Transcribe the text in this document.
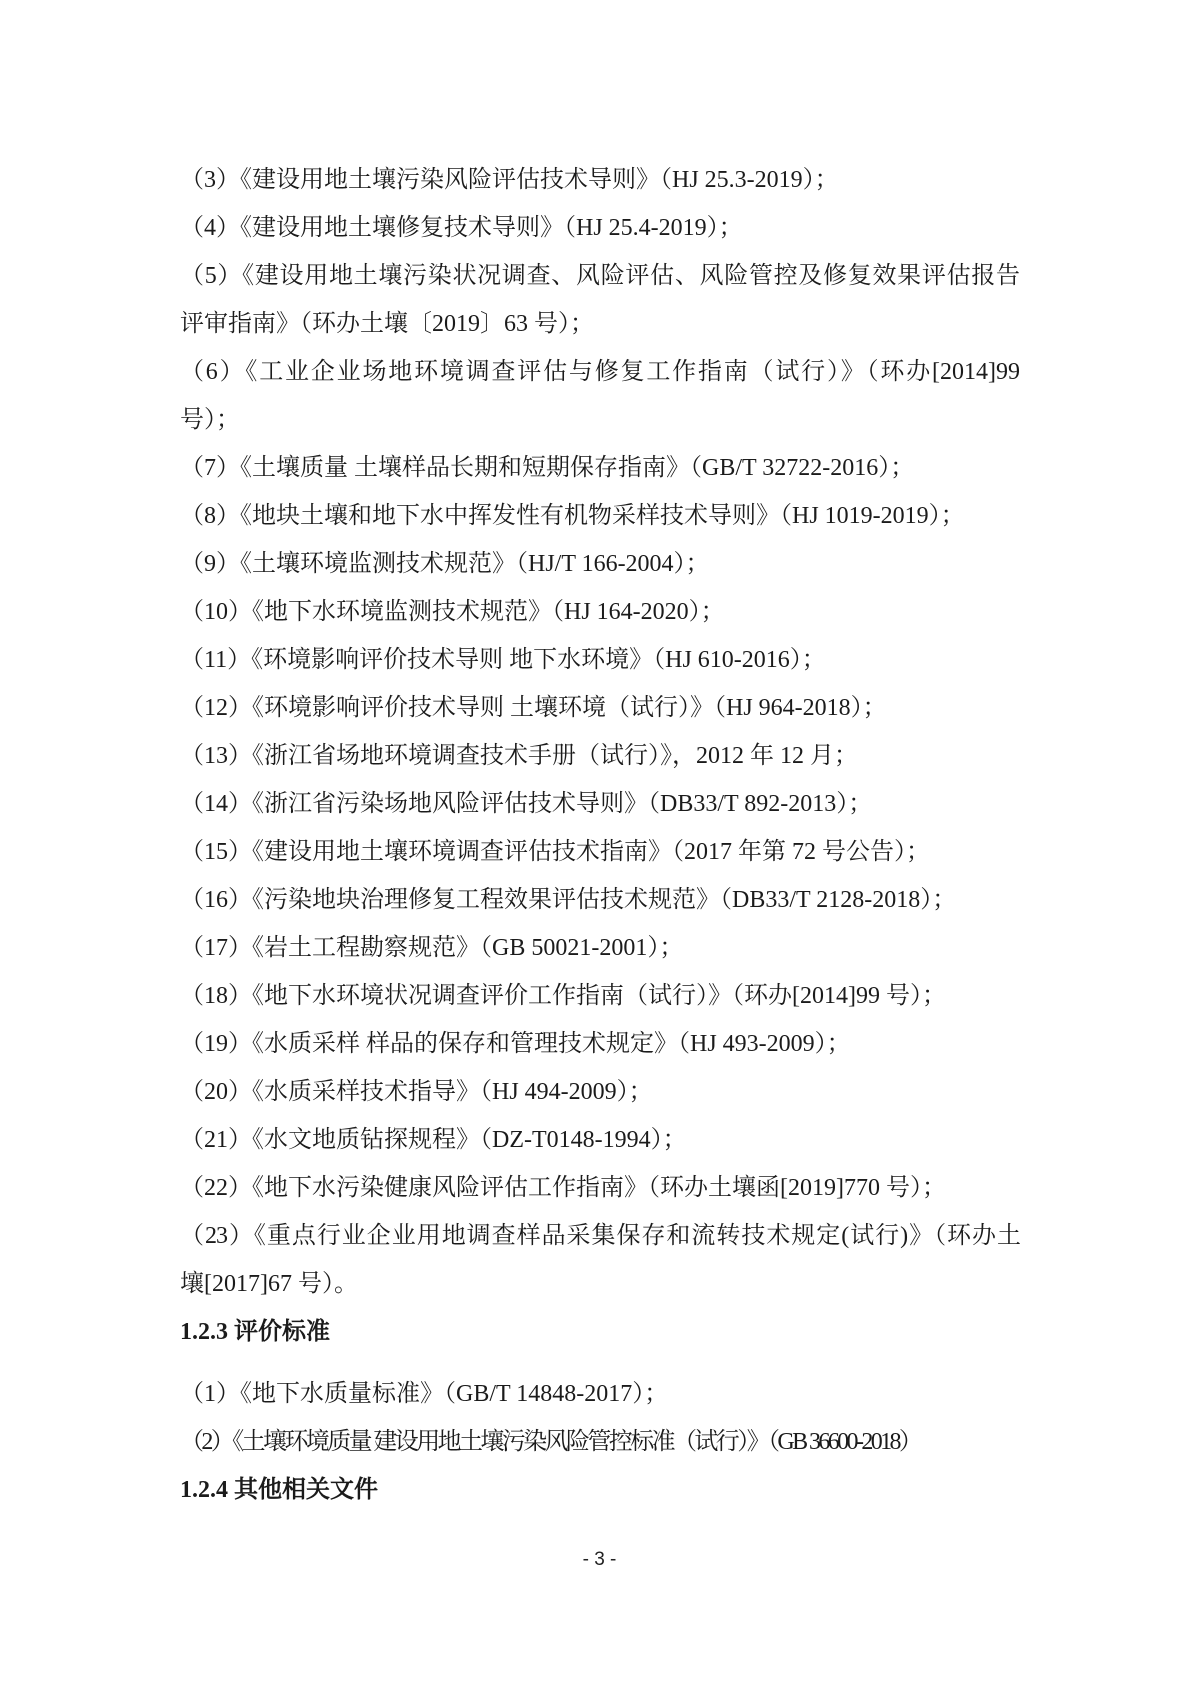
（3）《建设用地土壤污染风险评估技术导则》（HJ 25.3-2019）；
（4）《建设用地土壤修复技术导则》（HJ 25.4-2019）；
（5）《建设用地土壤污染状况调查、风险评估、风险管控及修复效果评估报告
评审指南》（环办土壤〔2019〕63 号）；
（6）《工业企业场地环境调查评估与修复工作指南（试行）》（环办[2014]99
号）；
（7）《土壤质量 土壤样品长期和短期保存指南》（GB/T 32722-2016）；
（8）《地块土壤和地下水中挥发性有机物采样技术导则》（HJ 1019-2019）；
（9）《土壤环境监测技术规范》（HJ/T 166-2004）；
（10）《地下水环境监测技术规范》（HJ 164-2020）；
（11）《环境影响评价技术导则 地下水环境》（HJ 610-2016）；
（12）《环境影响评价技术导则 土壤环境（试行）》（HJ 964-2018）；
（13）《浙江省场地环境调查技术手册（试行）》，2012 年 12 月；
（14）《浙江省污染场地风险评估技术导则》（DB33/T 892-2013）；
（15）《建设用地土壤环境调查评估技术指南》（2017 年第 72 号公告）；
（16）《污染地块治理修复工程效果评估技术规范》（DB33/T 2128-2018）；
（17）《岩土工程勘察规范》（GB 50021-2001）；
（18）《地下水环境状况调查评价工作指南（试行）》（环办[2014]99 号）；
（19）《水质采样 样品的保存和管理技术规定》（HJ 493-2009）；
（20）《水质采样技术指导》（HJ 494-2009）；
（21）《水文地质钻探规程》（DZ-T0148-1994）；
（22）《地下水污染健康风险评估工作指南》（环办土壤函[2019]770 号）；
（23）《重点行业企业用地调查样品采集保存和流转技术规定(试行)》（环办土
壤[2017]67 号）。
1.2.3 评价标准
（1）《地下水质量标准》（GB/T 14848-2017）；
（2）《土壤环境质量 建设用地土壤污染风险管控标准（试行）》（GB 36600-2018）
1.2.4 其他相关文件
- 3 -
